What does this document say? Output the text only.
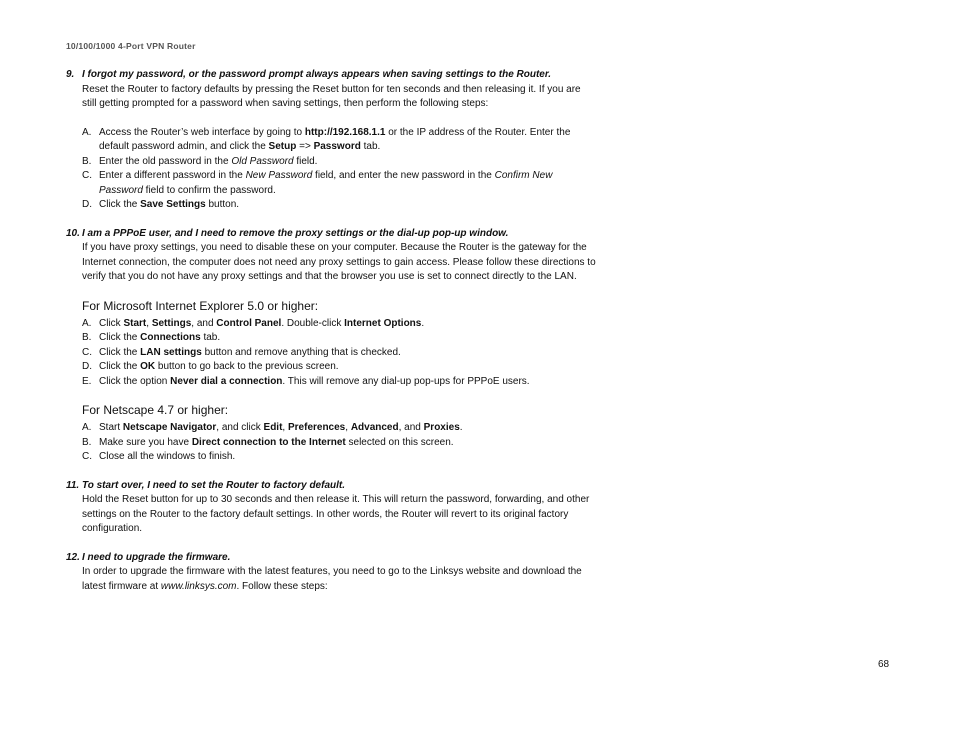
10/100/1000 4-Port VPN Router
9. I forgot my password, or the password prompt always appears when saving settings to the Router.
Reset the Router to factory defaults by pressing the Reset button for ten seconds and then releasing it. If you are still getting prompted for a password when saving settings, then perform the following steps:
A. Access the Router’s web interface by going to http://192.168.1.1 or the IP address of the Router. Enter the default password admin, and click the Setup => Password tab.
B. Enter the old password in the Old Password field.
C. Enter a different password in the New Password field, and enter the new password in the Confirm New Password field to confirm the password.
D. Click the Save Settings button.
10. I am a PPPoE user, and I need to remove the proxy settings or the dial-up pop-up window.
If you have proxy settings, you need to disable these on your computer. Because the Router is the gateway for the Internet connection, the computer does not need any proxy settings to gain access. Please follow these directions to verify that you do not have any proxy settings and that the browser you use is set to connect directly to the LAN.
For Microsoft Internet Explorer 5.0 or higher:
A. Click Start, Settings, and Control Panel. Double-click Internet Options.
B. Click the Connections tab.
C. Click the LAN settings button and remove anything that is checked.
D. Click the OK button to go back to the previous screen.
E. Click the option Never dial a connection. This will remove any dial-up pop-ups for PPPoE users.
For Netscape 4.7 or higher:
A. Start Netscape Navigator, and click Edit, Preferences, Advanced, and Proxies.
B. Make sure you have Direct connection to the Internet selected on this screen.
C. Close all the windows to finish.
11. To start over, I need to set the Router to factory default.
Hold the Reset button for up to 30 seconds and then release it. This will return the password, forwarding, and other settings on the Router to the factory default settings. In other words, the Router will revert to its original factory configuration.
12. I need to upgrade the firmware.
In order to upgrade the firmware with the latest features, you need to go to the Linksys website and download the latest firmware at www.linksys.com. Follow these steps:
68
